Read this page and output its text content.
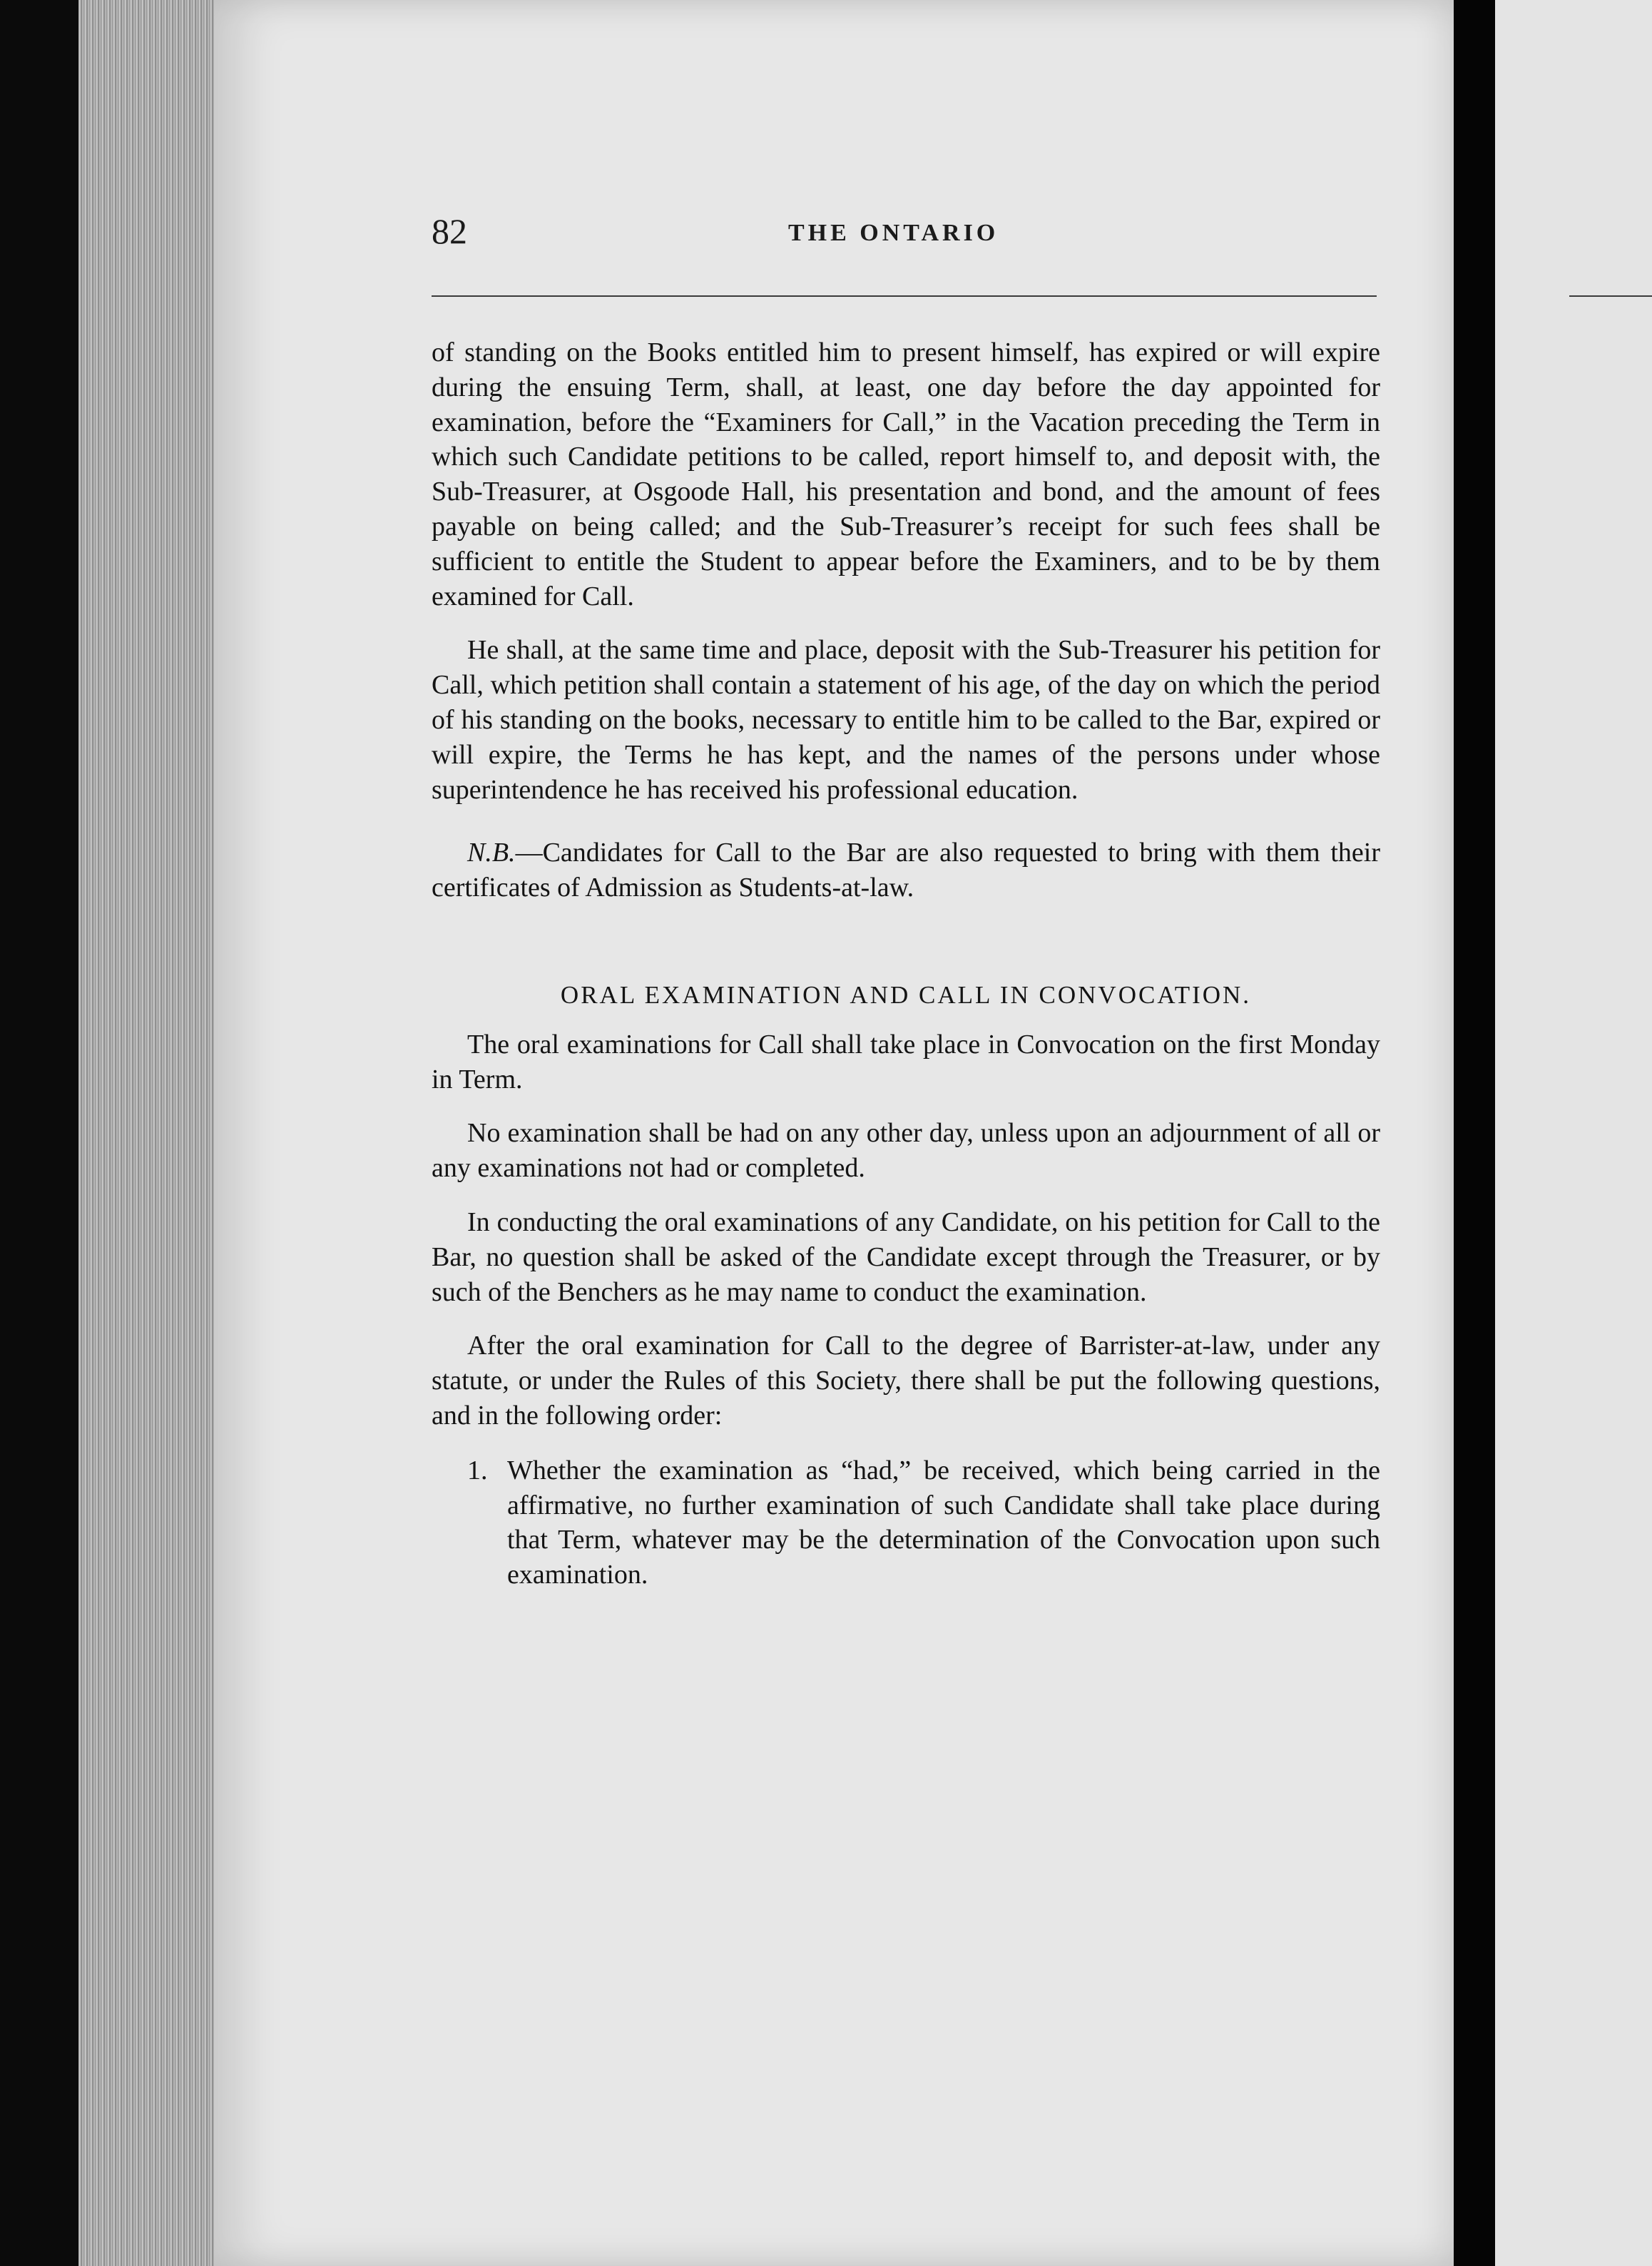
82	THE ONTARIO

of standing on the Books entitled him to present himself, has expired or will expire during the ensuing Term, shall, at least, one day before the day appointed for examination, before the “Examiners for Call,” in the Vacation preceding the Term in which such Candidate petitions to be called, report himself to, and deposit with, the Sub-Treasurer, at Osgoode Hall, his presentation and bond, and the amount of fees payable on being called; and the Sub-Treasurer’s receipt for such fees shall be sufficient to entitle the Student to appear before the Examiners, and to be by them examined for Call.

He shall, at the same time and place, deposit with the Sub-Treasurer his petition for Call, which petition shall contain a statement of his age, of the day on which the period of his standing on the books, necessary to entitle him to be called to the Bar, expired or will expire, the Terms he has kept, and the names of the persons under whose superintendence he has received his professional education.

N.B.—Candidates for Call to the Bar are also requested to bring with them their certificates of Admission as Students-at-law.

ORAL EXAMINATION AND CALL IN CONVOCATION.

The oral examinations for Call shall take place in Convocation on the first Monday in Term.

No examination shall be had on any other day, unless upon an adjournment of all or any examinations not had or completed.

In conducting the oral examinations of any Candidate, on his petition for Call to the Bar, no question shall be asked of the Candidate except through the Treasurer, or by such of the Benchers as he may name to conduct the examination.

After the oral examination for Call to the degree of Barrister-at-law, under any statute, or under the Rules of this Society, there shall be put the following questions, and in the following order:

1. Whether the examination as “had,” be received, which being carried in the affirmative, no further examination of such Candidate shall take place during that Term, whatever may be the determination of the Convocation upon such examination.
